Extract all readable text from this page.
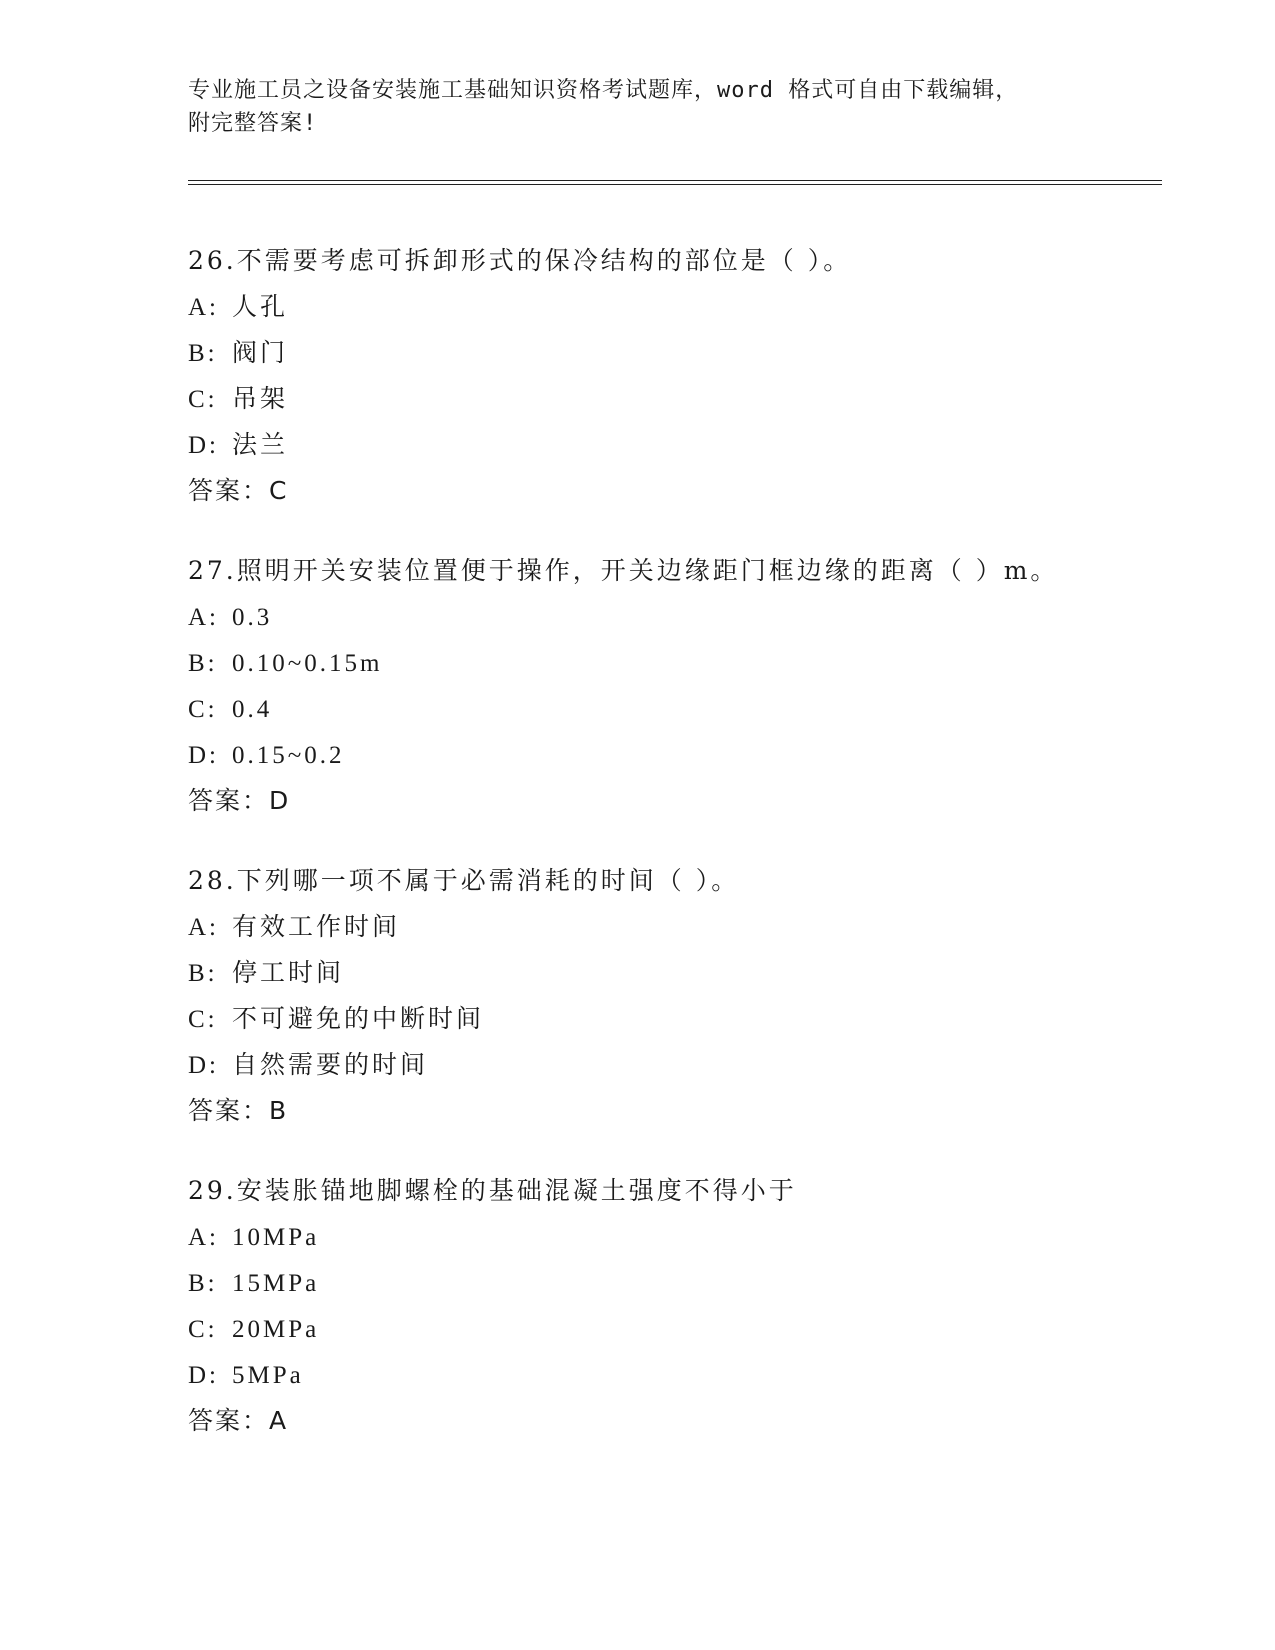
专业施工员之设备安装施工基础知识资格考试题库，word 格式可自由下载编辑，
附完整答案!
26.不需要考虑可拆卸形式的保冷结构的部位是（ ）。
A: 人孔
B: 阀门
C: 吊架
D: 法兰
答案：C
27.照明开关安装位置便于操作，开关边缘距门框边缘的距离（ ）m。
A: 0.3
B: 0.10~0.15m
C: 0.4
D: 0.15~0.2
答案：D
28.下列哪一项不属于必需消耗的时间（ ）。
A: 有效工作时间
B: 停工时间
C: 不可避免的中断时间
D: 自然需要的时间
答案：B
29.安装胀锚地脚螺栓的基础混凝土强度不得小于
A: 10MPa
B: 15MPa
C: 20MPa
D: 5MPa
答案：A
